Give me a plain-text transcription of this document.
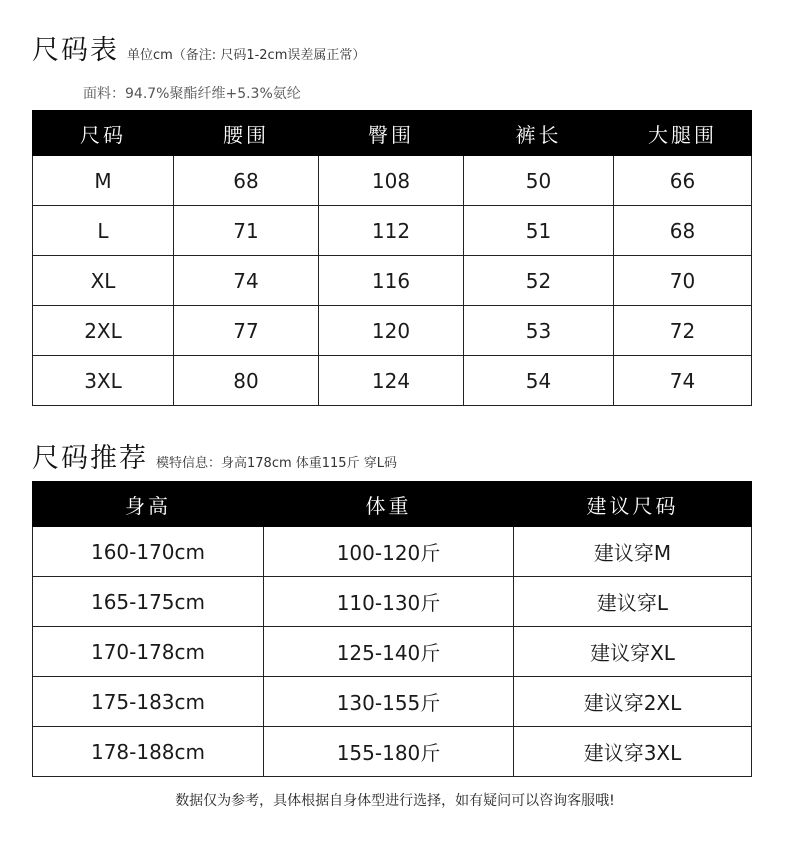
尺码表 单位cm（备注: 尺码1-2cm误差属正常）
面料：94.7%聚酯纤维+5.3%氨纶
尺码	腰围	臀围	裤长	大腿围
M	68	108	50	66
L	71	112	51	68
XL	74	116	52	70
2XL	77	120	53	72
3XL	80	124	54	74
尺码推荐 模特信息：身高178cm 体重115斤 穿L码
身高	体重	建议尺码
160-170cm	100-120斤	建议穿M
165-175cm	110-130斤	建议穿L
170-178cm	125-140斤	建议穿XL
175-183cm	130-155斤	建议穿2XL
178-188cm	155-180斤	建议穿3XL
数据仅为参考，具体根据自身体型进行选择，如有疑问可以咨询客服哦!
